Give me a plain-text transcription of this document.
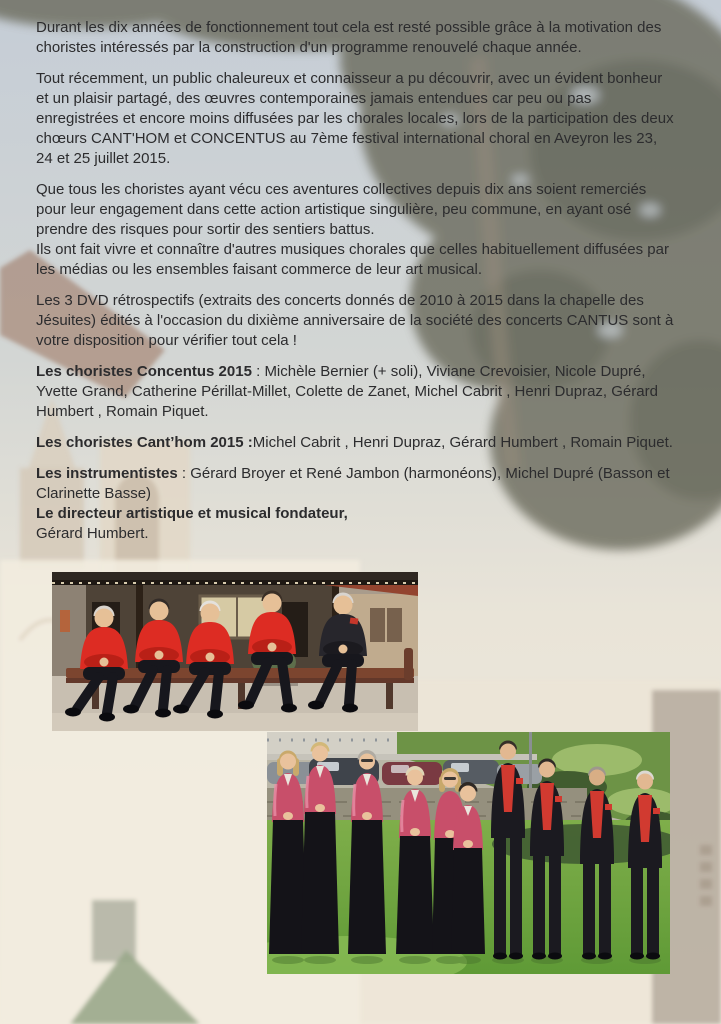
Durant les dix années de fonctionnement tout cela est resté possible grâce à la motivation des choristes intéressés par la construction d'un programme renouvelé chaque année.

Tout récemment, un public chaleureux et connaisseur a pu découvrir, avec un évident bonheur et un plaisir partagé, des œuvres contemporaines jamais entendues car peu ou pas enregistrées et encore moins diffusées par les chorales locales, lors de la participation des deux chœurs CANT'HOM et CONCENTUS au 7ème festival international choral en Aveyron les 23, 24 et 25 juillet 2015.

Que tous les choristes ayant vécu ces aventures collectives depuis dix ans soient remerciés pour leur engagement dans cette action artistique singulière, peu commune, en ayant osé prendre des risques pour sortir des sentiers battus.
Ils ont fait vivre et connaître d'autres musiques chorales que celles habituellement diffusées par les médias ou les ensembles faisant commerce de leur art musical.

Les 3 DVD rétrospectifs (extraits des concerts donnés de 2010 à 2015 dans la chapelle des Jésuites) édités à l'occasion du dixième anniversaire de la société des concerts CANTUS sont à votre disposition pour vérifier tout cela !

Les choristes Concentus 2015 : Michèle Bernier (+ soli), Viviane Crevoisier, Nicole Dupré, Yvette Grand, Catherine Périllat-Millet, Colette de Zanet, Michel Cabrit , Henri Dupraz, Gérard Humbert , Romain Piquet.

Les choristes Cant’hom 2015 :Michel Cabrit , Henri Dupraz, Gérard Humbert , Romain Piquet.

Les instrumentistes : Gérard Broyer et René Jambon (harmonéons), Michel Dupré (Basson et Clarinette Basse)
Le directeur artistique et musical fondateur,
Gérard Humbert.
